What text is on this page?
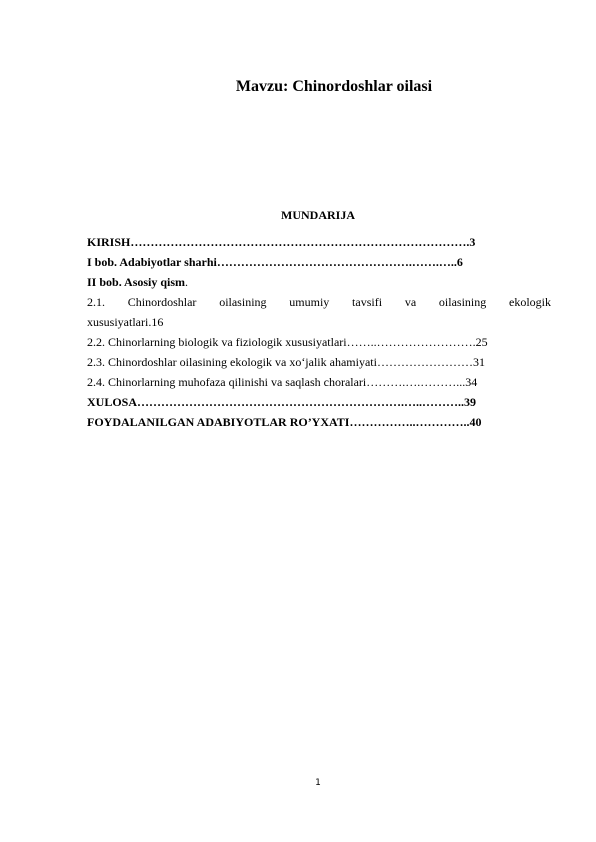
Mavzu: Chinordoshlar oilasi
MUNDARIJA
KIRISH………………………………………………………………………….3
I bob. Adabiyotlar sharhi………………………………………….…….…..6
II bob. Asosiy qism.
2.1. Chinordoshlar oilasining umumiy tavsifi va oilasining ekologik
xususiyatlari.16
2.2. Chinorlarning biologik va fiziologik xususiyatlari……..…………………….25
2.3. Chinordoshlar oilasining ekologik va xo‘jalik ahamiyati……………………31
2.4. Chinorlarning muhofaza qilinishi va saqlash choralari……….….………...34
XULOSA………………………………………………………….…..………..39
FOYDALANILGAN ADABIYOTLAR RO’YXATI……………..…………..40
1
